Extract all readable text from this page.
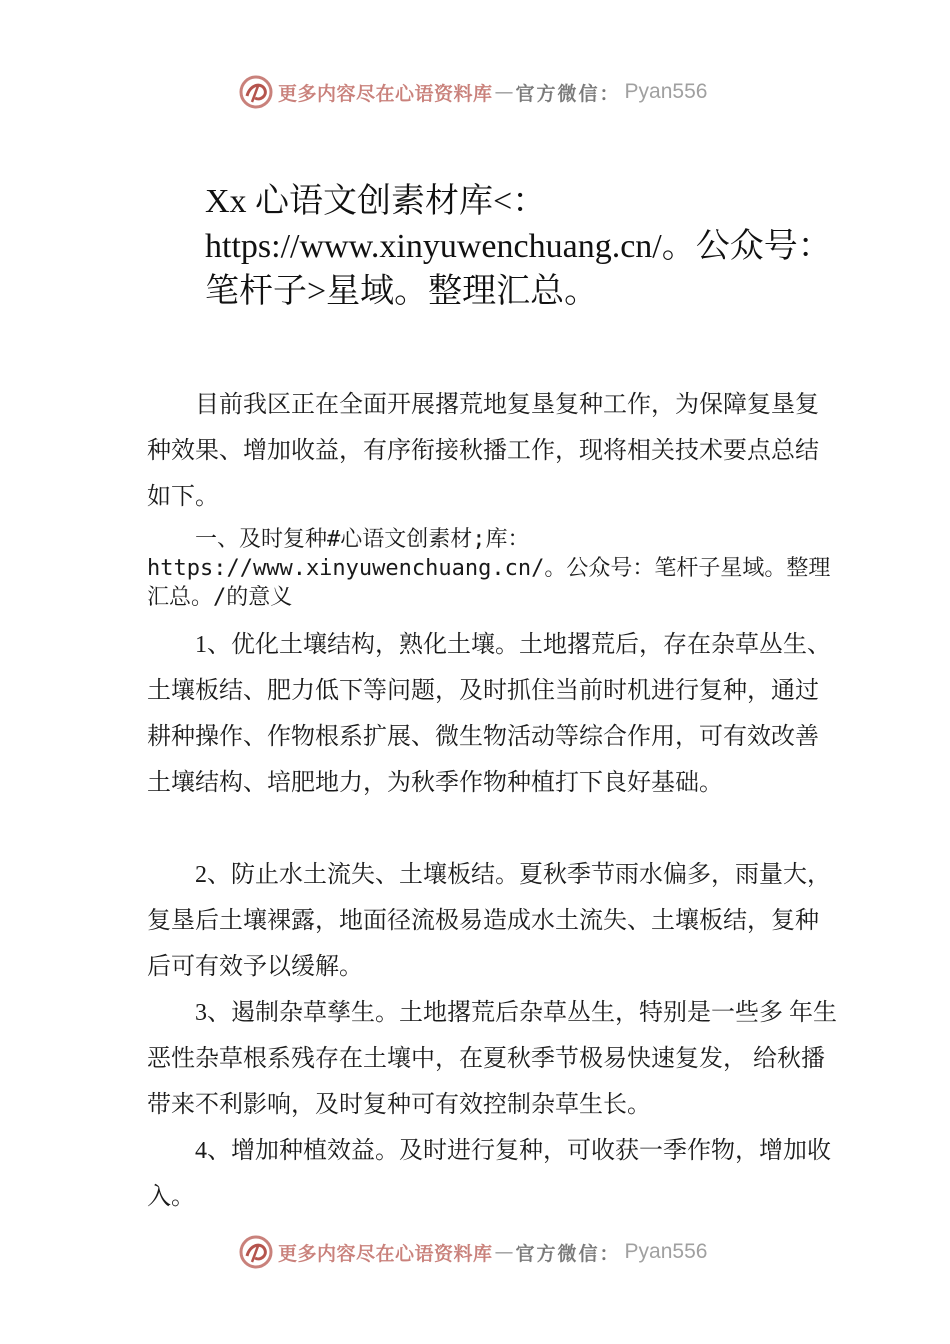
更多内容尽在心语资料库 — 官方微信： Pyan556
Xx 心语文创素材库<：https://www.xinyuwenchuang.cn/。公众号：笔杆子>星域。整理汇总。

目前我区正在全面开展撂荒地复垦复种工作，为保障复垦复种效果、增加收益，有序衔接秋播工作，现将相关技术要点总结如下。

一、及时复种#心语文创素材;库：https://www.xinyuwenchuang.cn/。公众号：笔杆子星域。整理汇总。/的意义

1、优化土壤结构，熟化土壤。土地撂荒后，存在杂草丛生、土壤板结、肥力低下等问题，及时抓住当前时机进行复种，通过耕种操作、作物根系扩展、微生物活动等综合作用，可有效改善土壤结构、培肥地力，为秋季作物种植打下良好基础。

2、防止水土流失、土壤板结。夏秋季节雨水偏多，雨量大，复垦后土壤裸露，地面径流极易造成水土流失、土壤板结，复种后可有效予以缓解。

3、遏制杂草孳生。土地撂荒后杂草丛生，特别是一些多 年生恶性杂草根系残存在土壤中，在夏秋季节极易快速复发， 给秋播带来不利影响，及时复种可有效控制杂草生长。

4、增加种植效益。及时进行复种，可收获一季作物，增加收入。

更多内容尽在心语资料库 — 官方微信： Pyan556
